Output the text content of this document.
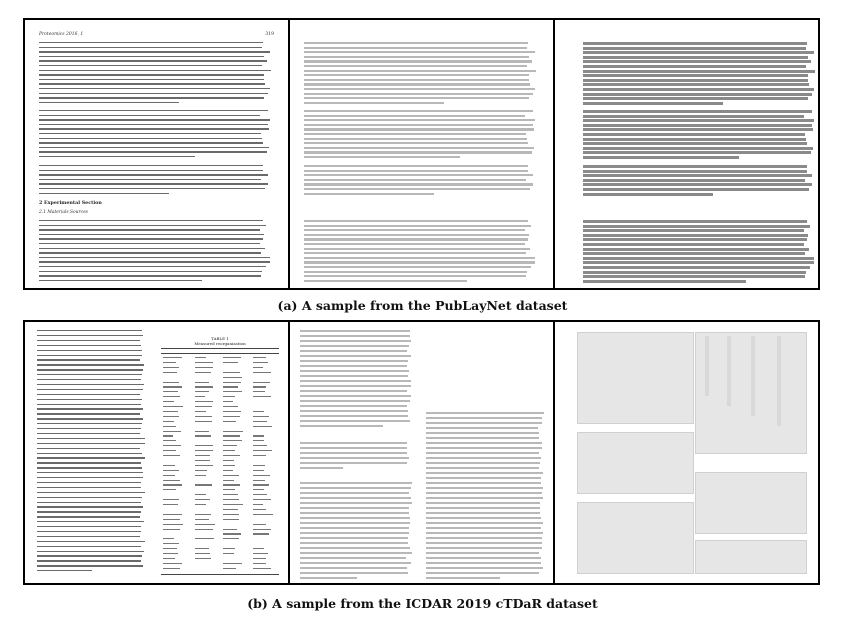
Proteomics 2016, 1	319
2 Experimental Section
2.1 Materials Sources
(a) A sample from the PubLayNet dataset
TABLE 1
Measured reorganization
(b) A sample from the ICDAR 2019 cTDaR dataset
